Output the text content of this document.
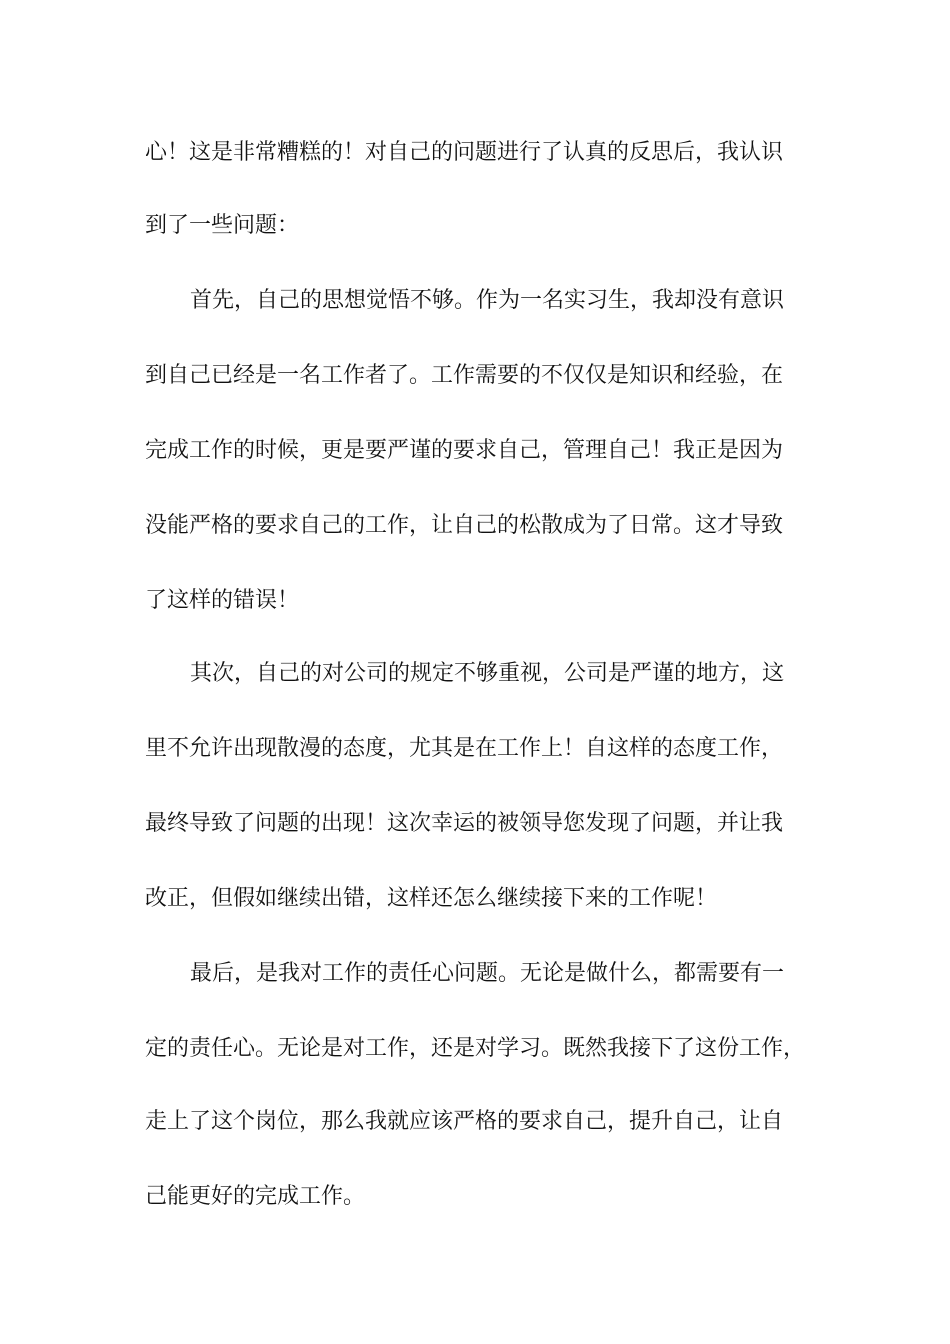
心！这是非常糟糕的！对自己的问题进行了认真的反思后，我认识

到了一些问题：

首先，自己的思想觉悟不够。作为一名实习生，我却没有意识

到自己已经是一名工作者了。工作需要的不仅仅是知识和经验，在

完成工作的时候，更是要严谨的要求自己，管理自己！我正是因为

没能严格的要求自己的工作，让自己的松散成为了日常。这才导致

了这样的错误！

其次，自己的对公司的规定不够重视，公司是严谨的地方，这

里不允许出现散漫的态度，尤其是在工作上！自这样的态度工作，

最终导致了问题的出现！这次幸运的被领导您发现了问题，并让我

改正，但假如继续出错，这样还怎么继续接下来的工作呢！

最后，是我对工作的责任心问题。无论是做什么，都需要有一

定的责任心。无论是对工作，还是对学习。既然我接下了这份工作，

走上了这个岗位，那么我就应该严格的要求自己，提升自己，让自

己能更好的完成工作。
